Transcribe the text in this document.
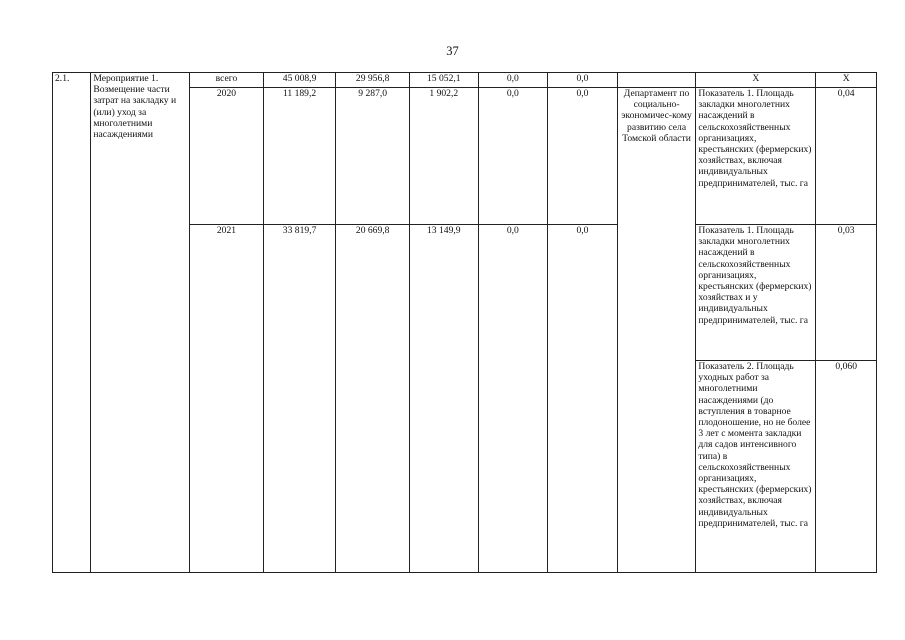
37
2.1.	Мероприятие 1. Возмещение части затрат на закладку и (или) уход за многолетними насаждениями	всего	45 008,9	29 956,8	15 052,1	0,0	0,0		Х	Х
		2020	11 189,2	9 287,0	1 902,2	0,0	0,0	Департамент по социально-экономичес-кому развитию села Томской области	Показатель 1. Площадь закладки многолетних насаждений в сельскохозяйственных организациях, крестьянских (фермерских) хозяйствах, включая индивидуальных предпринимателей, тыс. га	0,04
		2021	33 819,7	20 669,8	13 149,9	0,0	0,0		Показатель 1. Площадь закладки многолетних насаждений в сельскохозяйственных организациях, крестьянских (фермерских) хозяйствах и у индивидуальных предпринимателей, тыс. га	0,03
									Показатель 2. Площадь уходных работ за многолетними насаждениями (до вступления в товарное плодоношение, но не более 3 лет с момента закладки для садов интенсивного типа) в сельскохозяйственных организациях, крестьянских (фермерских) хозяйствах, включая индивидуальных предпринимателей, тыс. га	0,060
